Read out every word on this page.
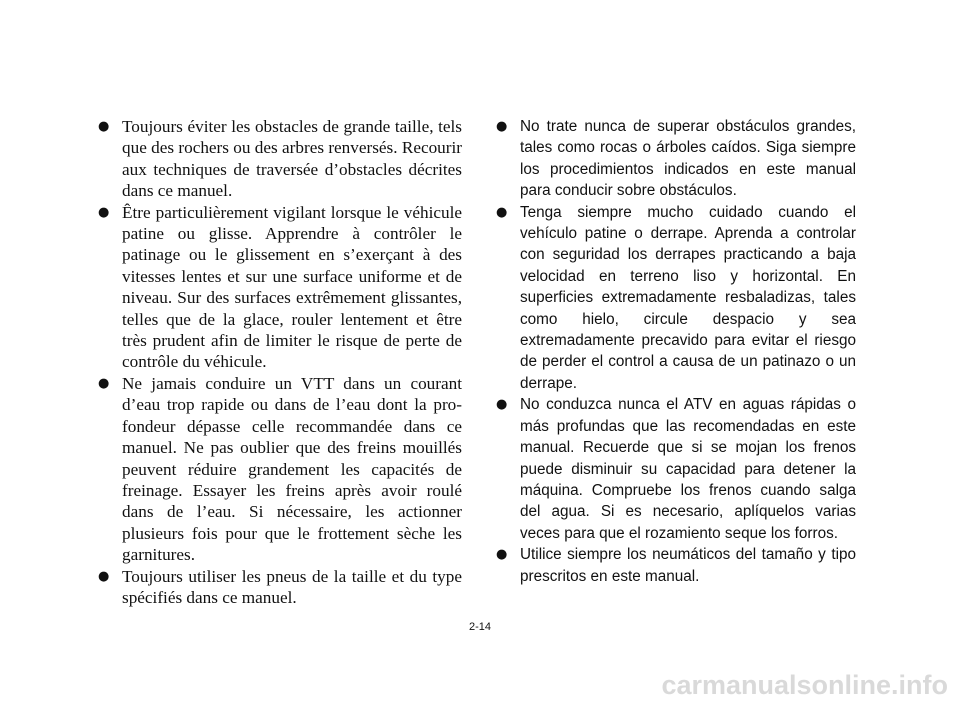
● Toujours éviter les obstacles de grande taille, tels que des rochers ou des arbres renversés. Recourir aux techniques de traversée d’obstacles décrites dans ce manuel.
● Être particulièrement vigilant lorsque le véhicule patine ou glisse. Apprendre à contrôler le patinage ou le glissement en s’exerçant à des vitesses lentes et sur une surface uniforme et de niveau. Sur des surfaces extrêmement glissantes, telles que de la glace, rouler lentement et être très prudent afin de limiter le risque de perte de contrôle du véhicule.
● Ne jamais conduire un VTT dans un courant d’eau trop rapide ou dans de l’eau dont la profondeur dépasse celle recommandée dans ce manuel. Ne pas oublier que des freins mouillés peuvent réduire grandement les capacités de freinage. Essayer les freins après avoir roulé dans de l’eau. Si nécessaire, les actionner plusieurs fois pour que le frottement sèche les garnitures.
● Toujours utiliser les pneus de la taille et du type spécifiés dans ce manuel.
● No trate nunca de superar obstáculos grandes, tales como rocas o árboles caídos. Siga siempre los procedimientos indicados en este manual para conducir sobre obstáculos.
● Tenga siempre mucho cuidado cuando el vehículo patine o derrape. Aprenda a controlar con seguridad los derrapes practicando a baja velocidad en terreno liso y horizontal. En superficies extremadamente resbaladizas, tales como hielo, circule despacio y sea extremadamente precavido para evitar el riesgo de perder el control a causa de un patinazo o un derrape.
● No conduzca nunca el ATV en aguas rápidas o más profundas que las recomendadas en este manual. Recuerde que si se mojan los frenos puede disminuir su capacidad para detener la máquina. Compruebe los frenos cuando salga del agua. Si es necesario, aplíquelos varias veces para que el rozamiento seque los forros.
● Utilice siempre los neumáticos del tamaño y tipo prescritos en este manual.
2-14
carmanualsonline.info
